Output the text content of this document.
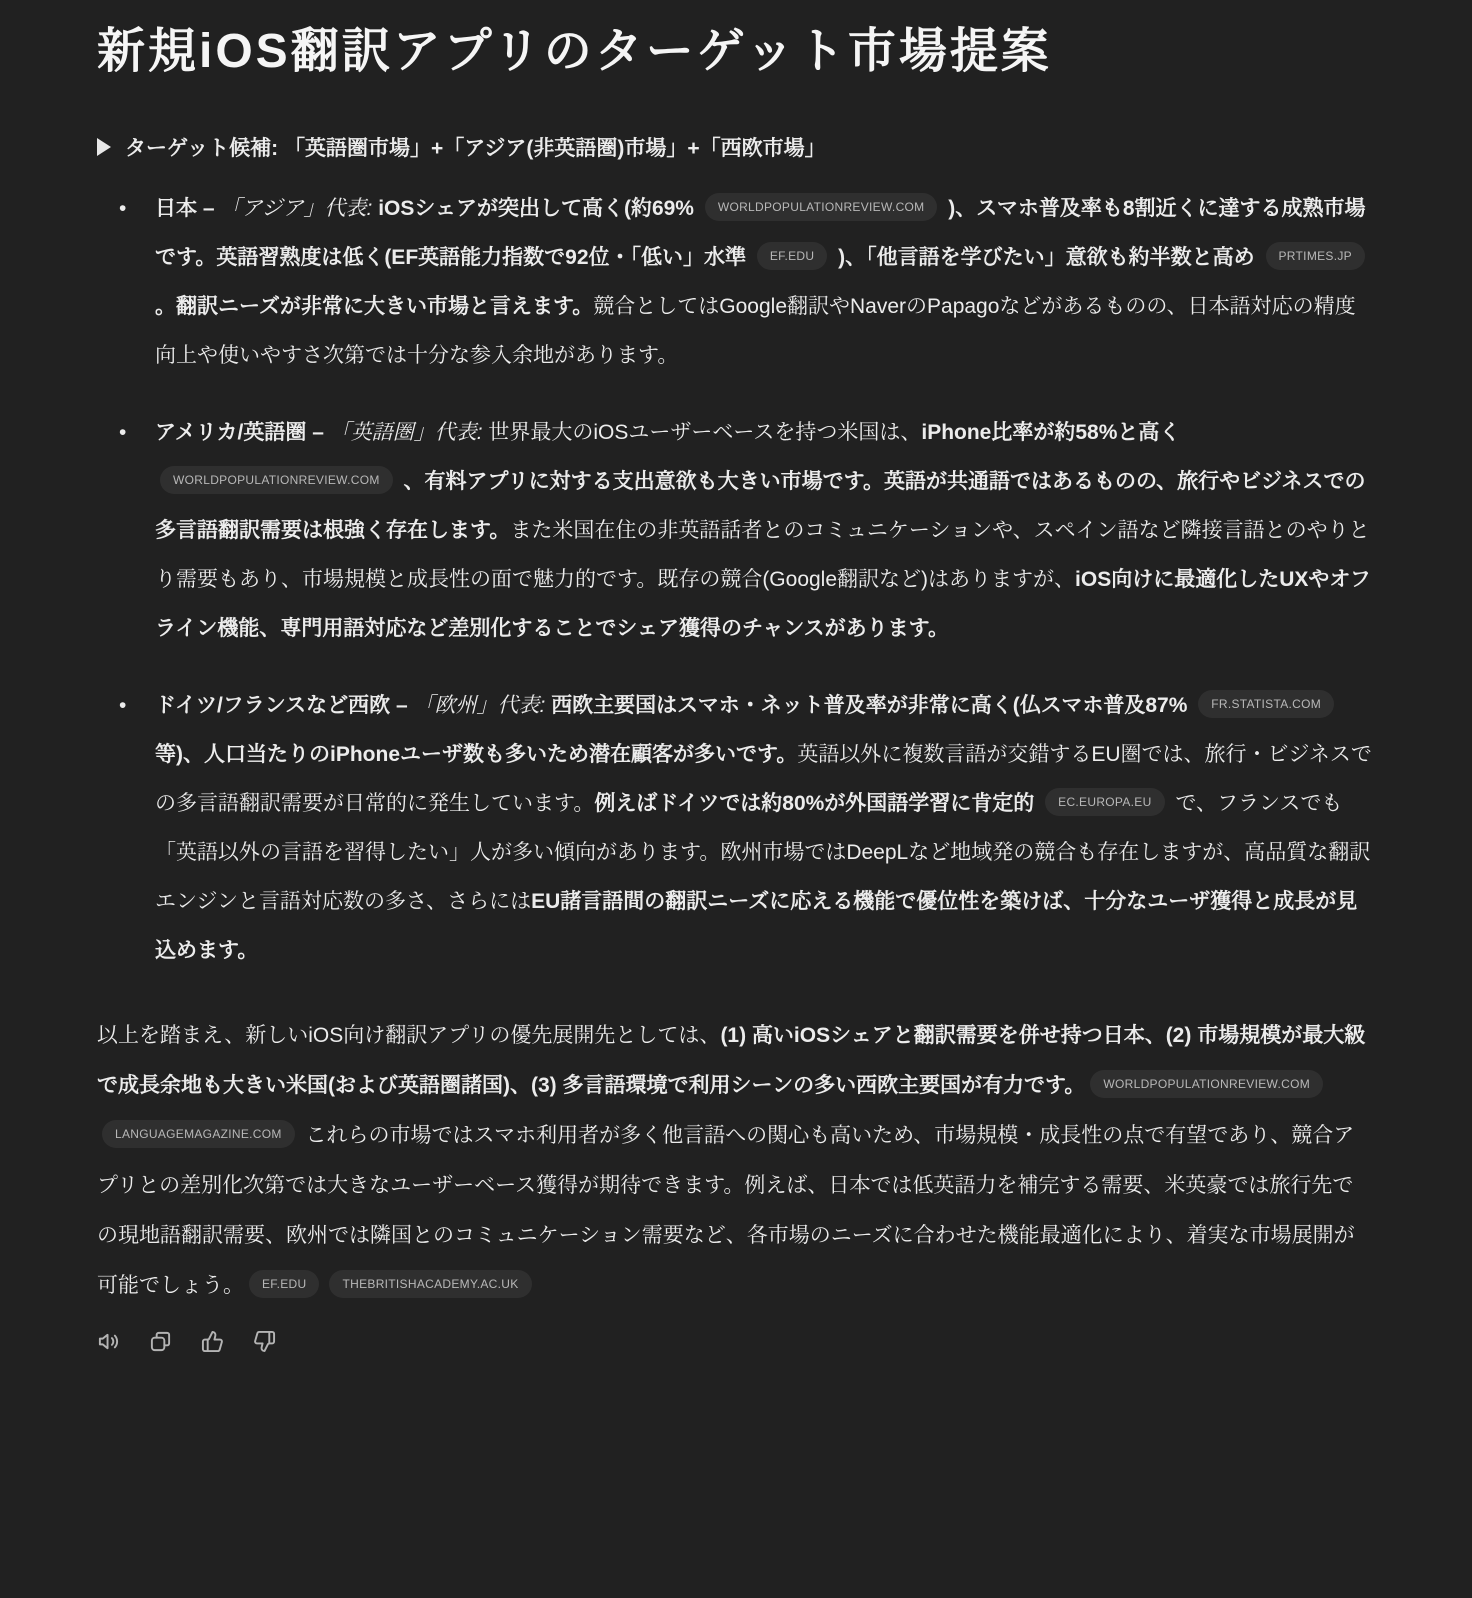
新規iOS翻訳アプリのターゲット市場提案
ターゲット候補: 「英語圏市場」+「アジア(非英語圏)市場」+「西欧市場」
• 日本 – 「アジア」代表: iOSシェアが突出して高く(約69% WORLDPOPULATIONREVIEW.COM )、スマホ普及率も8割近くに達する成熟市場です。英語習熟度は低く(EF英語能力指数で92位・「低い」水準 EF.EDU )、「他言語を学びたい」意欲も約半数と高め PRTIMES.JP 。翻訳ニーズが非常に大きい市場と言えます。競合としてはGoogle翻訳やNaverのPapagoなどがあるものの、日本語対応の精度向上や使いやすさ次第では十分な参入余地があります。
• アメリカ/英語圏 – 「英語圏」代表: 世界最大のiOSユーザーベースを持つ米国は、iPhone比率が約58%と高く WORLDPOPULATIONREVIEW.COM 、有料アプリに対する支出意欲も大きい市場です。英語が共通語ではあるものの、旅行やビジネスでの多言語翻訳需要は根強く存在します。また米国在住の非英語話者とのコミュニケーションや、スペイン語など隣接言語とのやりとり需要もあり、市場規模と成長性の面で魅力的です。既存の競合(Google翻訳など)はありますが、iOS向けに最適化したUXやオフライン機能、専門用語対応など差別化することでシェア獲得のチャンスがあります。
• ドイツ/フランスなど西欧 – 「欧州」代表: 西欧主要国はスマホ・ネット普及率が非常に高く(仏スマホ普及87% FR.STATISTA.COM 等)、人口当たりのiPhoneユーザ数も多いため潜在顧客が多いです。英語以外に複数言語が交錯するEU圏では、旅行・ビジネスでの多言語翻訳需要が日常的に発生しています。例えばドイツでは約80%が外国語学習に肯定的 EC.EUROPA.EU で、フランスでも「英語以外の言語を習得したい」人が多い傾向があります。欧州市場ではDeepLなど地域発の競合も存在しますが、高品質な翻訳エンジンと言語対応数の多さ、さらにはEU諸言語間の翻訳ニーズに応える機能で優位性を築けば、十分なユーザ獲得と成長が見込めます。

以上を踏まえ、新しいiOS向け翻訳アプリの優先展開先としては、(1) 高いiOSシェアと翻訳需要を併せ持つ日本、(2) 市場規模が最大級で成長余地も大きい米国(および英語圏諸国)、(3) 多言語環境で利用シーンの多い西欧主要国が有力です。 WORLDPOPULATIONREVIEW.COMLANGUAGEMAGAZINE.COM これらの市場ではスマホ利用者が多く他言語への関心も高いため、市場規模・成長性の点で有望であり、競合アプリとの差別化次第では大きなユーザーベース獲得が期待できます。例えば、日本では低英語力を補完する需要、米英豪では旅行先での現地語翻訳需要、欧州では隣国とのコミュニケーション需要など、各市場のニーズに合わせた機能最適化により、着実な市場展開が可能でしょう。 EF.EDU	THEBRITISHACADEMY.AC.UK
